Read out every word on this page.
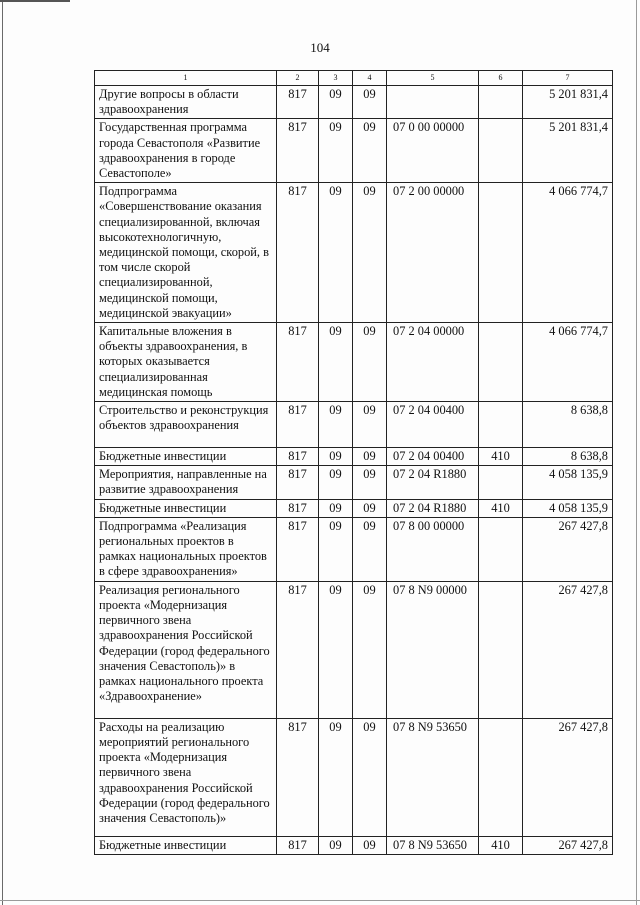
104
1	2	3	4	5	6	7
Другие вопросы в области здравоохранения	817	09	09			5 201 831,4
Государственная программа города Севастополя «Развитие здравоохранения в городе Севастополе»	817	09	09	07 0 00 00000		5 201 831,4
Подпрограмма «Совершенствование оказания специализированной, включая высокотехнологичную, медицинской помощи, скорой, в том числе скорой специализированной, медицинской помощи, медицинской эвакуации»	817	09	09	07 2 00 00000		4 066 774,7
Капитальные вложения в объекты здравоохранения, в которых оказывается специализированная медицинская помощь	817	09	09	07 2 04 00000		4 066 774,7
Строительство и реконструкция объектов здравоохранения	817	09	09	07 2 04 00400		8 638,8
Бюджетные инвестиции	817	09	09	07 2 04 00400	410	8 638,8
Мероприятия, направленные на развитие здравоохранения	817	09	09	07 2 04 R1880		4 058 135,9
Бюджетные инвестиции	817	09	09	07 2 04 R1880	410	4 058 135,9
Подпрограмма «Реализация региональных проектов в рамках национальных проектов в сфере здравоохранения»	817	09	09	07 8 00 00000		267 427,8
Реализация регионального проекта «Модернизация первичного звена здравоохранения Российской Федерации (город федерального значения Севастополь)» в рамках национального проекта «Здравоохранение»	817	09	09	07 8 N9 00000		267 427,8
Расходы на реализацию мероприятий регионального проекта «Модернизация первичного звена здравоохранения Российской Федерации (город федерального значения Севастополь)»	817	09	09	07 8 N9 53650		267 427,8
Бюджетные инвестиции	817	09	09	07 8 N9 53650	410	267 427,8
